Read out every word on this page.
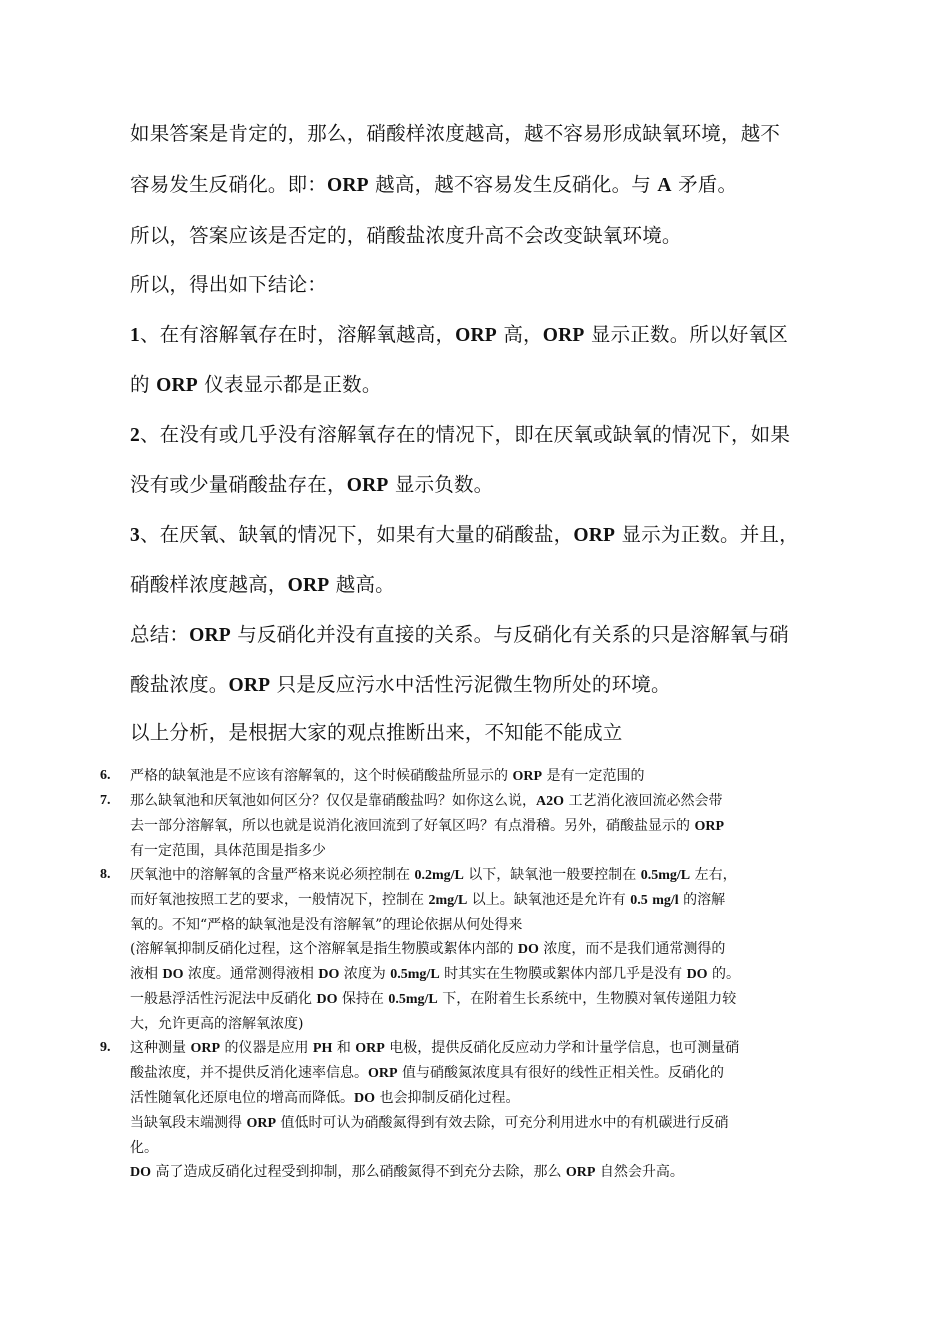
如果答案是肯定的，那么，硝酸样浓度越高，越不容易形成缺氧环境，越不
容易发生反硝化。即：ORP 越高，越不容易发生反硝化。与 A 矛盾。
所以，答案应该是否定的，硝酸盐浓度升高不会改变缺氧环境。
所以，得出如下结论：
1、在有溶解氧存在时，溶解氧越高，ORP 高，ORP 显示正数。所以好氧区
的 ORP 仪表显示都是正数。
2、在没有或几乎没有溶解氧存在的情况下，即在厌氧或缺氧的情况下，如果
没有或少量硝酸盐存在，ORP 显示负数。
3、在厌氧、缺氧的情况下，如果有大量的硝酸盐，ORP 显示为正数。并且，
硝酸样浓度越高，ORP 越高。
总结：ORP 与反硝化并没有直接的关系。与反硝化有关系的只是溶解氧与硝
酸盐浓度。ORP 只是反应污水中活性污泥微生物所处的环境。
以上分析，是根据大家的观点推断出来，不知能不能成立
6. 严格的缺氧池是不应该有溶解氧的，这个时候硝酸盐所显示的 ORP 是有一定范围的
7. 那么缺氧池和厌氧池如何区分？仅仅是靠硝酸盐吗？如你这么说，A2O 工艺消化液回流必然会带
去一部分溶解氧，所以也就是说消化液回流到了好氧区吗？有点滑稽。另外，硝酸盐显示的 ORP
有一定范围，具体范围是指多少
8. 厌氧池中的溶解氧的含量严格来说必须控制在 0.2mg/L 以下，缺氧池一般要控制在 0.5mg/L 左右，
而好氧池按照工艺的要求，一般情况下，控制在 2mg/L 以上。缺氧池还是允许有 0.5 mg/l 的溶解
氧的。不知“严格的缺氧池是没有溶解氧”的理论依据从何处得来
(溶解氧抑制反硝化过程，这个溶解氧是指生物膜或絮体内部的 DO 浓度，而不是我们通常测得的
液相 DO 浓度。通常测得液相 DO 浓度为 0.5mg/L 时其实在生物膜或絮体内部几乎是没有 DO 的。
一般悬浮活性污泥法中反硝化 DO 保持在 0.5mg/L 下，在附着生长系统中，生物膜对氧传递阻力较
大，允许更高的溶解氧浓度)
9. 这种测量 ORP 的仪器是应用 PH 和 ORP 电极，提供反硝化反应动力学和计量学信息，也可测量硝
酸盐浓度，并不提供反消化速率信息。ORP 值与硝酸氮浓度具有很好的线性正相关性。反硝化的
活性随氧化还原电位的增高而降低。DO 也会抑制反硝化过程。
当缺氧段末端测得 ORP 值低时可认为硝酸氮得到有效去除，可充分利用进水中的有机碳进行反硝
化。
DO 高了造成反硝化过程受到抑制，那么硝酸氮得不到充分去除，那么 ORP 自然会升高。
